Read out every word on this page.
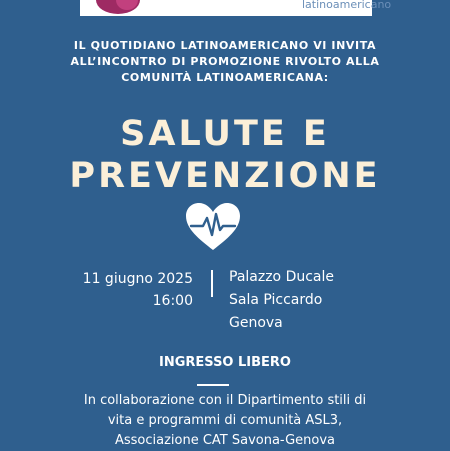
latinoamericano
IL QUOTIDIANO LATINOAMERICANO VI INVITA
ALL’INCONTRO DI PROMOZIONE RIVOLTO ALLA
COMUNITÀ LATINOAMERICANA:
SALUTE E
PREVENZIONE
11 giugno 2025
16:00
Palazzo Ducale
Sala Piccardo
Genova
INGRESSO LIBERO
In collaborazione con il Dipartimento stili di
vita e programmi di comunità ASL3,
Associazione CAT Savona-Genova
